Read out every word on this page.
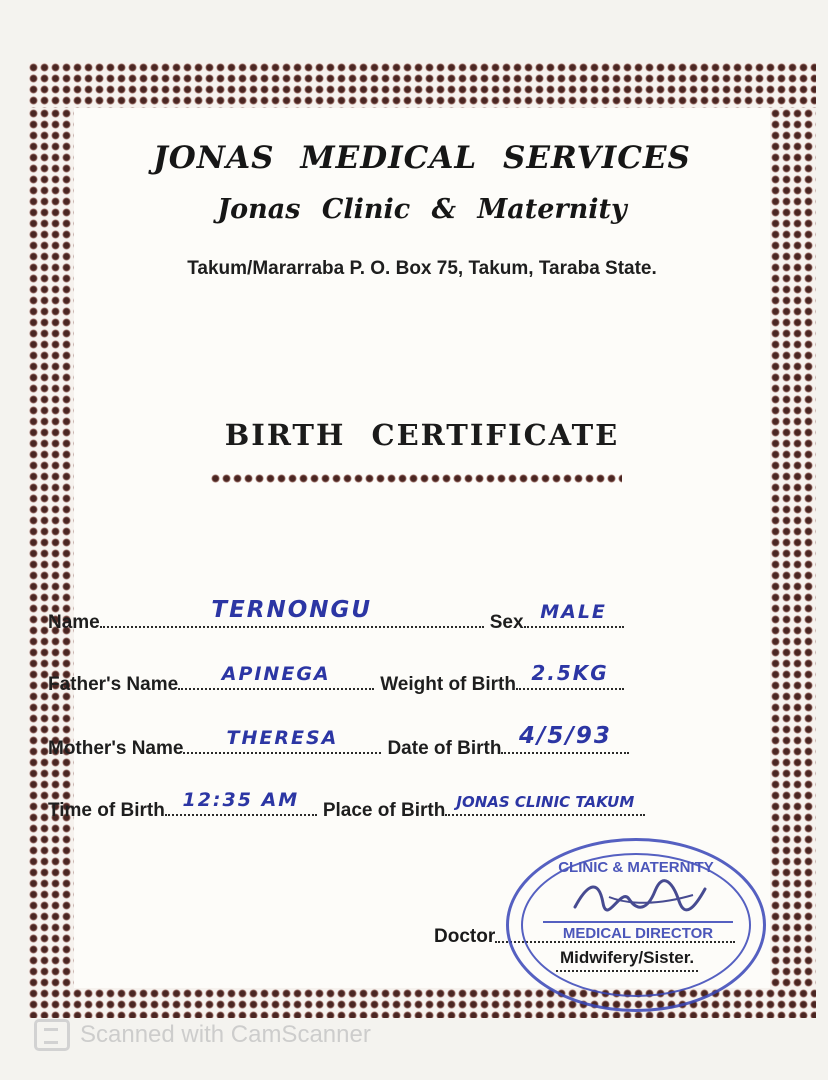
JONAS MEDICAL SERVICES
Jonas Clinic & Maternity
Takum/Mararraba P. O. Box 75, Takum, Taraba State.
BIRTH CERTIFICATE
Name	TERNONGU	Sex MALE
Father's Name	APINEGA	Weight of Birth 2.5KG
Mother's Name	THERESA	Date of Birth 4/5/93
Time of Birth 12:35 AM	Place of Birth JONAS CLINIC TAKUM
Doctor
Midwifery/Sister.
CLINIC & MATERNITY
MEDICAL DIRECTOR
Scanned with CamScanner
